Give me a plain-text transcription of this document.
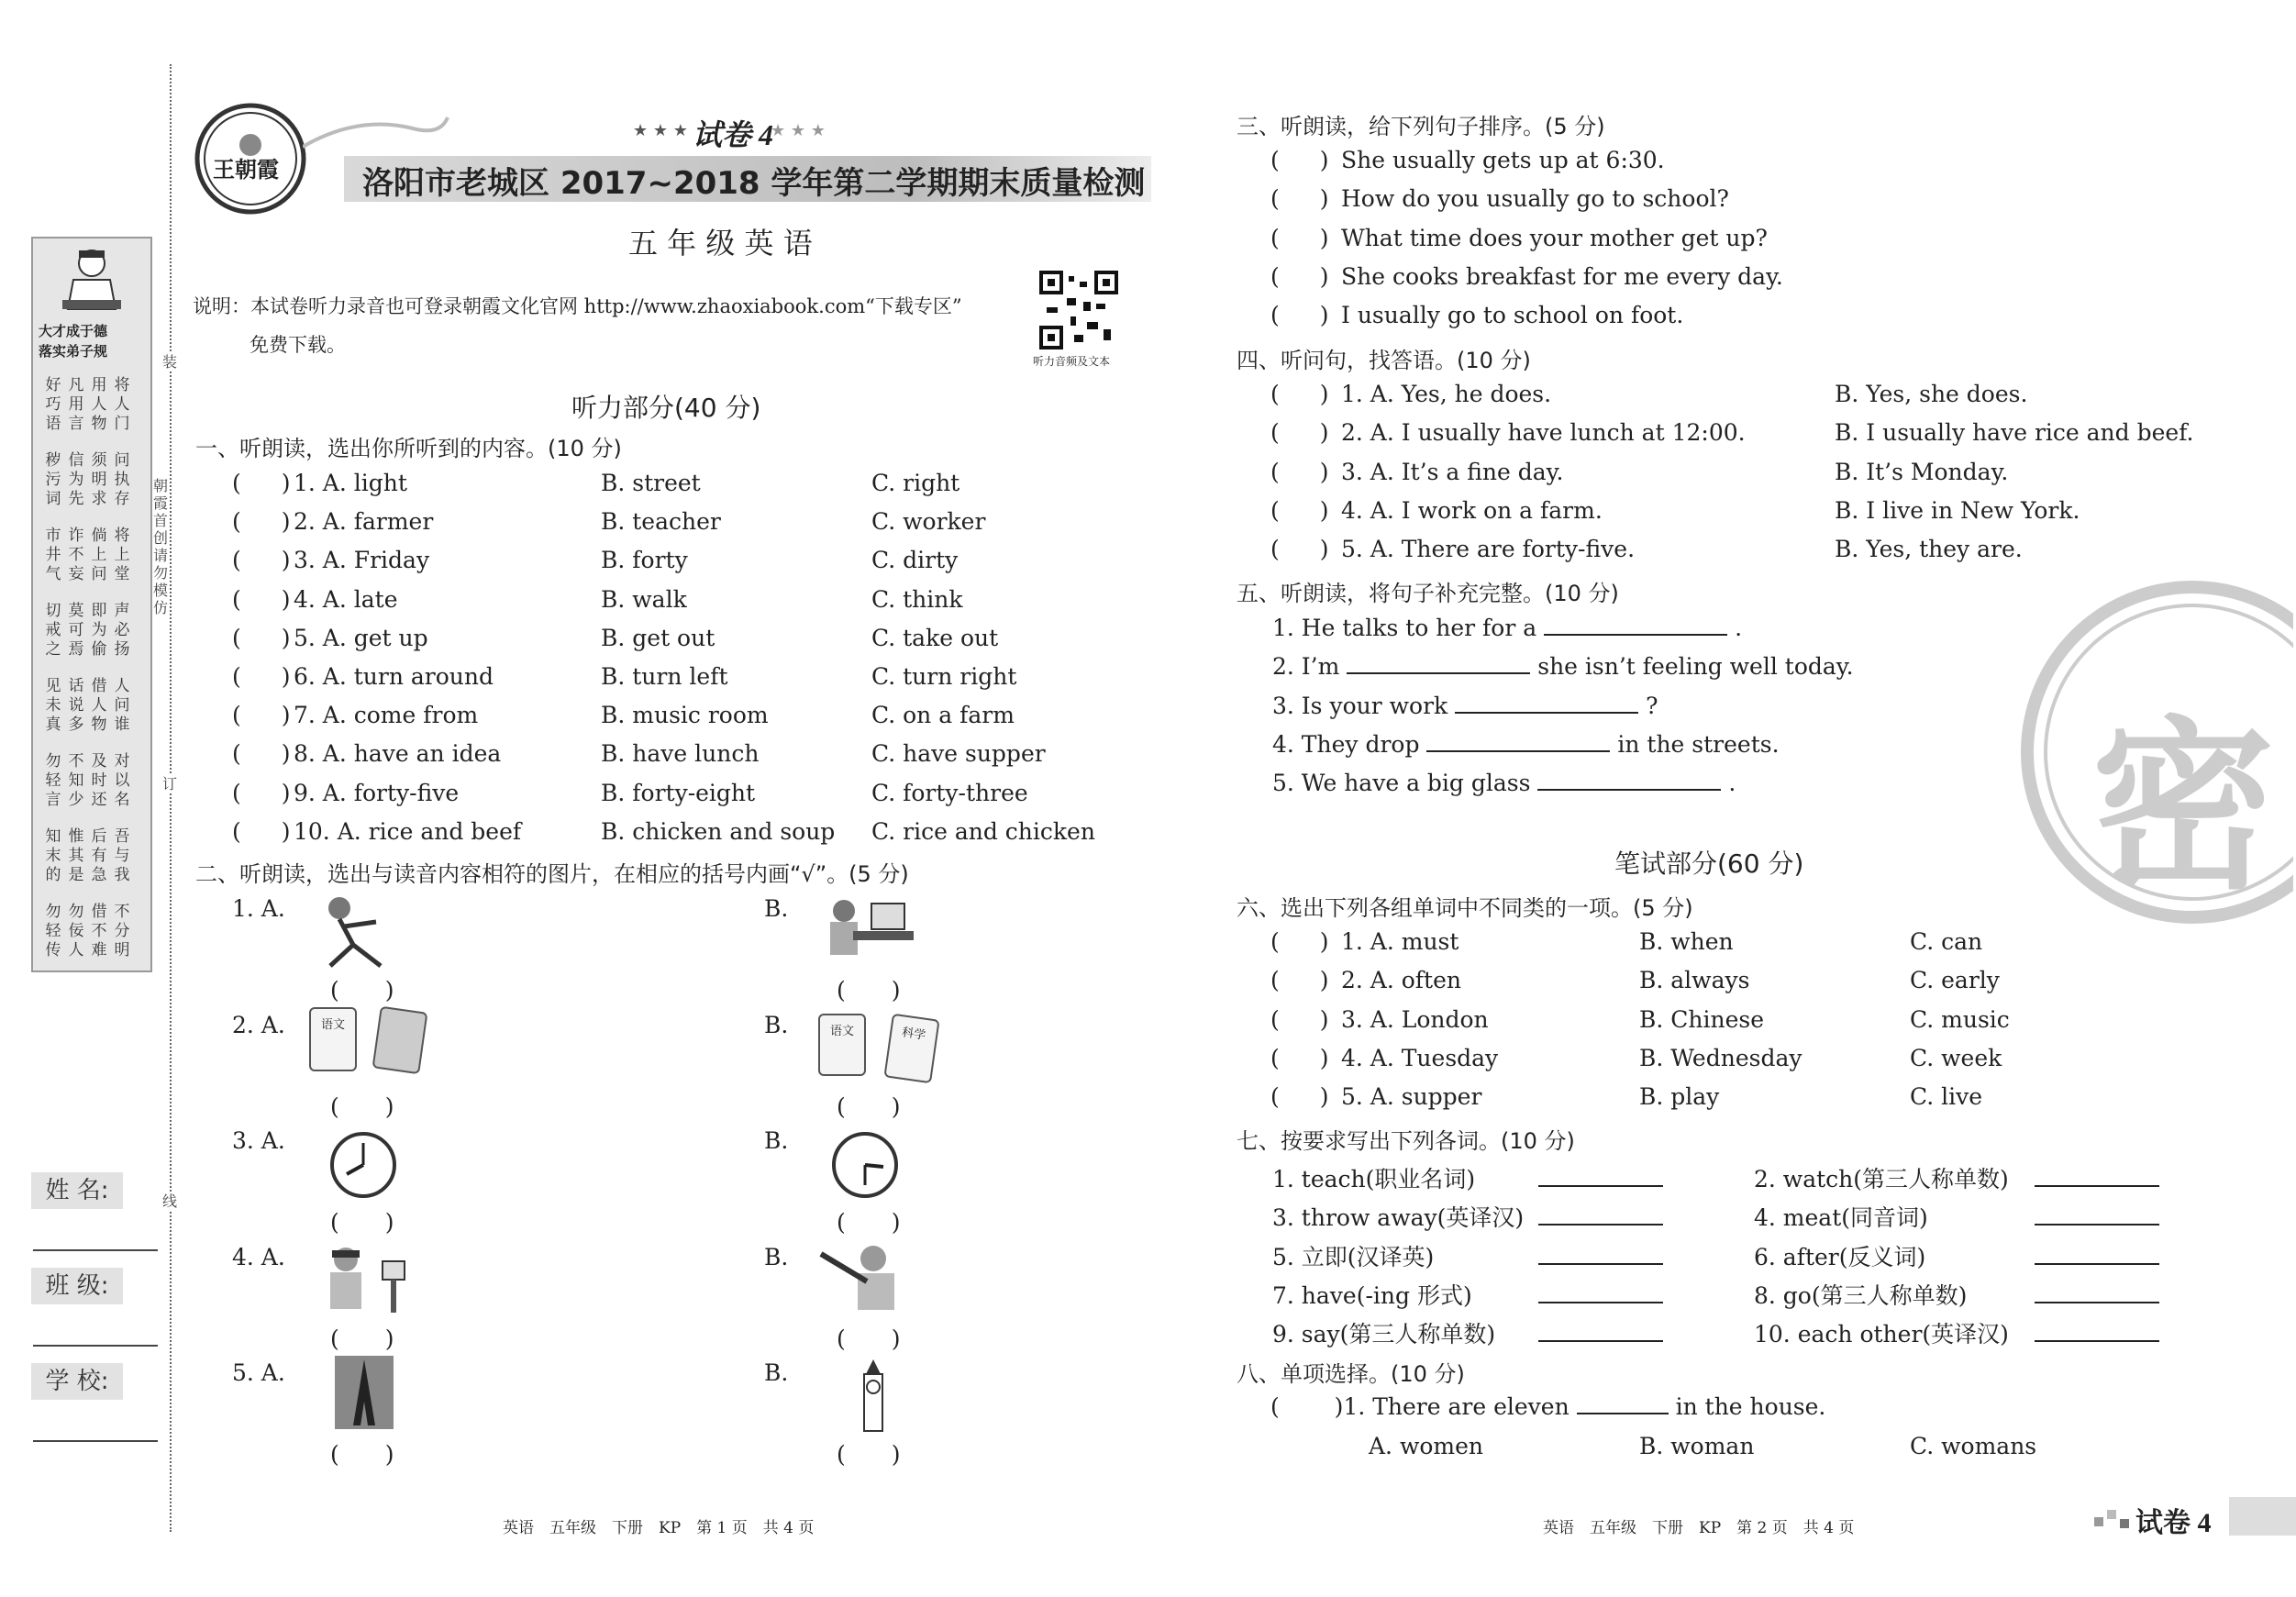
大才成于德
落实弟子规
好巧语
凡用言
用人物
将人门
秽污词
信为先
须明求
问执存
市井气
诈不妄
倘上问
将上堂
切戒之
莫可焉
即为偷
声必扬
见未真
话说多
借人物
人问谁
勿轻言
不知少
及时还
对以名
知末的
惟其是
后有急
吾与我
勿轻传
勿佞人
借不难
不分明
装
朝霞首创 请勿模仿
订
线
姓 名:
班 级:
学 校:
王朝霞
★ ★ ★ 试卷 4
★ ★ ★
洛阳市老城区 2017~2018 学年第二学期期末质量检测
五 年 级 英 语
说明：本试卷听力录音也可登录朝霞文化官网 http://www.zhaoxiabook.com“下载专区”
免费下载。
听力音频及文本
听力部分(40 分)
一、听朗读，选出你所听到的内容。(10 分)
( ) 1. A. light	B. street	C. right
( ) 2. A. farmer	B. teacher	C. worker
( ) 3. A. Friday	B. forty	C. dirty
( ) 4. A. late	B. walk	C. think
( ) 5. A. get up	B. get out	C. take out
( ) 6. A. turn around	B. turn left	C. turn right
( ) 7. A. come from	B. music room	C. on a farm
( ) 8. A. have an idea	B. have lunch	C. have supper
( ) 9. A. forty-five	B. forty-eight	C. forty-three
( ) 10. A. rice and beef	B. chicken and soup C. rice and chicken
二、听朗读，选出与读音内容相符的图片，在相应的括号内画“√”。(5 分)
1. A.	B.
(　　)	(　　)
2. A.	B.
(　　)	(　　)
3. A.	B.
(　　)	(　　)
4. A.	B.
(　　)	(　　)
5. A.	B.
(　　)	(　　)
语文	语文	科学
英语　五年级　下册　KP　第 1 页　共 4 页
三、听朗读，给下列句子排序。(5 分)
( ) She usually gets up at 6:30.
( ) How do you usually go to school?
( ) What time does your mother get up?
( ) She cooks breakfast for me every day.
( ) I usually go to school on foot.
四、听问句，找答语。(10 分)
( ) 1. A. Yes, he does.	B. Yes, she does.
( ) 2. A. I usually have lunch at 12:00.	B. I usually have rice and beef.
( ) 3. A. It’s a fine day.	B. It’s Monday.
( ) 4. A. I work on a farm.	B. I live in New York.
( ) 5. A. There are forty-five.	B. Yes, they are.
五、听朗读，将句子补充完整。(10 分)
1. He talks to her for a	.
2. I’m	she isn’t feeling well today.
3. Is your work	?
4. They drop	in the streets.
5. We have a big glass	. 密
笔试部分(60 分)
六、选出下列各组单词中不同类的一项。(5 分)
( ) 1. A. must	B. when	C. can
( ) 2. A. often	B. always	C. early
( ) 3. A. London	B. Chinese	C. music
( ) 4. A. Tuesday	B. Wednesday	C. week
( ) 5. A. supper	B. play	C. live
七、按要求写出下列各词。(10 分)
1. teach(职业名词)	2. watch(第三人称单数)
3. throw away(英译汉)	4. meat(同音词)
5. 立即(汉译英)	6. after(反义词)
7. have(-ing 形式)	8. go(第三人称单数)
9. say(第三人称单数)	10. each other(英译汉)
八、单项选择。(10 分)
( )1. There are eleven	in the house.
A. women	B. woman	C. womans
英语　五年级　下册　KP　第 2 页　共 4 页	试卷 4
